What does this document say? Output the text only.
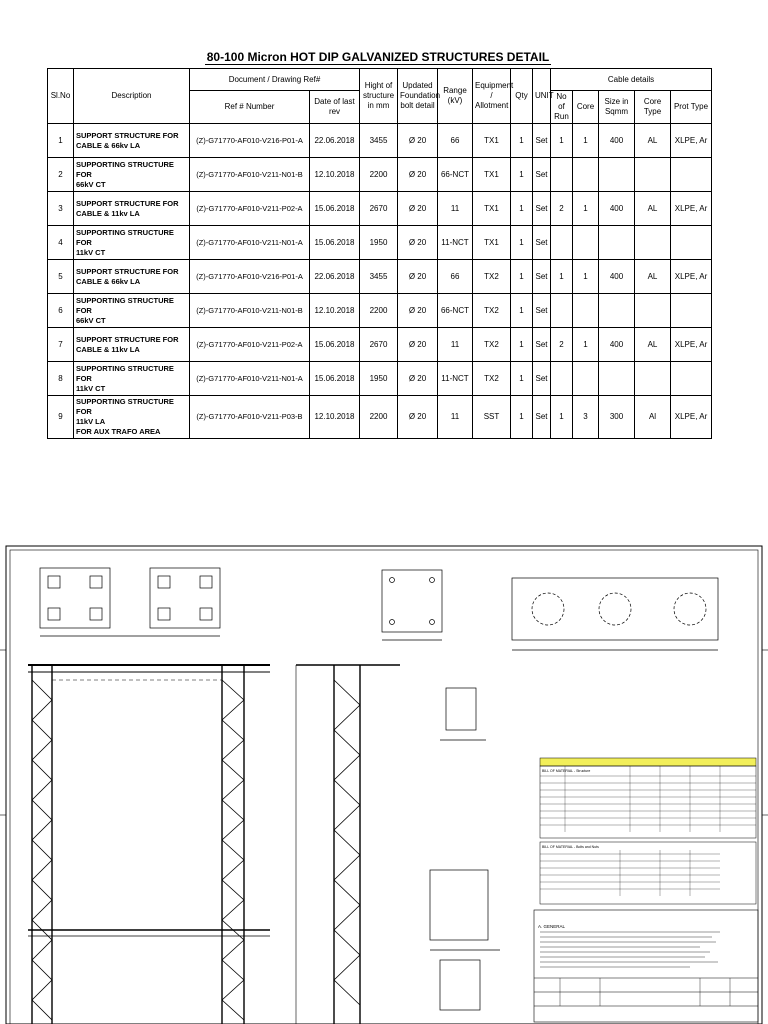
80-100 Micron HOT DIP GALVANIZED STRUCTURES DETAIL
Sl.No	Description	Document / Drawing Ref#		Hight of structure in mm	Updated Foundation bolt detail	Range (kV)	Equipment / Allotment	Qty	UNIT	Cable details				
		Ref # Number	Date of last rev							No of Run	Core	Size in Sqmm	Core Type	Prot Type
1	SUPPORT STRUCTURE FOR
CABLE & 66kv LA	(Z)-G71770-AF010-V216-P01-A	22.06.2018	3455	Ø 20	66	TX1	1	Set	1	1	400	AL	XLPE, Ar
2	SUPPORTING STRUCTURE FOR
66kV CT	(Z)-G71770-AF010-V211-N01-B	12.10.2018	2200	Ø 20	66-NCT	TX1	1	Set					
3	SUPPORT STRUCTURE FOR
CABLE & 11kv LA	(Z)-G71770-AF010-V211-P02-A	15.06.2018	2670	Ø 20	11	TX1	1	Set	2	1	400	AL	XLPE, Ar
4	SUPPORTING STRUCTURE FOR
11kV CT	(Z)-G71770-AF010-V211-N01-A	15.06.2018	1950	Ø 20	11-NCT	TX1	1	Set					
5	SUPPORT STRUCTURE FOR
CABLE & 66kv LA	(Z)-G71770-AF010-V216-P01-A	22.06.2018	3455	Ø 20	66	TX2	1	Set	1	1	400	AL	XLPE, Ar
6	SUPPORTING STRUCTURE FOR
66kV CT	(Z)-G71770-AF010-V211-N01-B	12.10.2018	2200	Ø 20	66-NCT	TX2	1	Set					
7	SUPPORT STRUCTURE FOR
CABLE & 11kv LA	(Z)-G71770-AF010-V211-P02-A	15.06.2018	2670	Ø 20	11	TX2	1	Set	2	1	400	AL	XLPE, Ar
8	SUPPORTING STRUCTURE FOR
11kV CT	(Z)-G71770-AF010-V211-N01-A	15.06.2018	1950	Ø 20	11-NCT	TX2	1	Set					
9	SUPPORTING STRUCTURE FOR
11kV LA
FOR AUX TRAFO AREA	(Z)-G71770-AF010-V211-P03-B	12.10.2018	2200	Ø 20	11	SST	1	Set	1	3	300	Al	XLPE, Ar
BILL OF MATERIAL - Structure
BILL OF MATERIAL - Bolts and Nuts
A. GENERAL
